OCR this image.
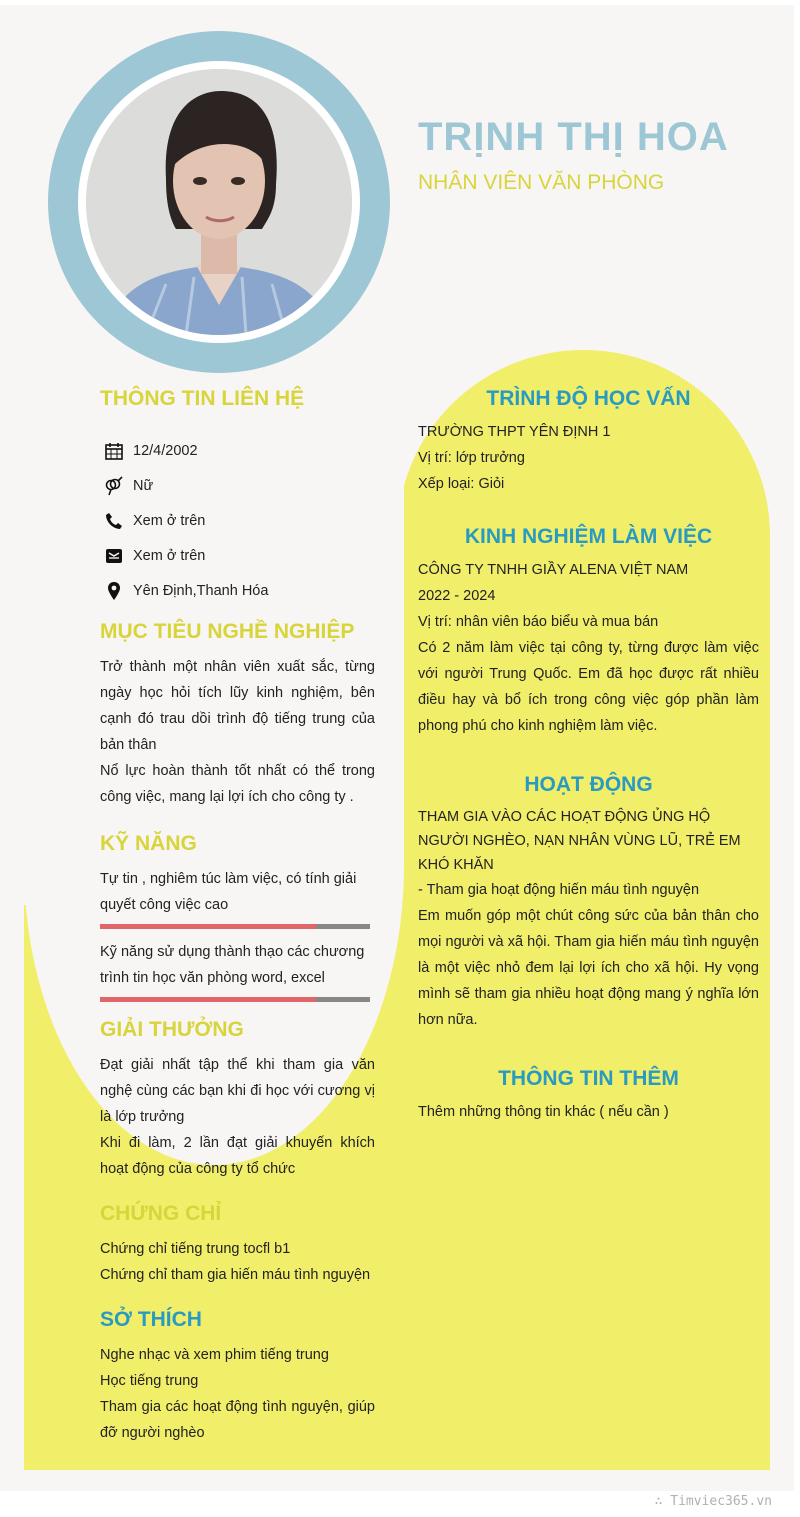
TRỊNH THỊ HOA
NHÂN VIÊN VĂN PHÒNG
THÔNG TIN LIÊN HỆ
12/4/2002
Nữ
Xem ở trên
Xem ở trên
Yên Định,Thanh Hóa
MỤC TIÊU NGHỀ NGHIỆP

Trở thành một nhân viên xuất sắc, từng ngày học hỏi tích lũy kinh nghiệm, bên cạnh đó trau dồi trình độ tiếng trung của bản thân

Nổ lực hoàn thành tốt nhất có thể trong công việc, mang lại lợi ích cho công ty .

KỸ NĂNG

Tự tin , nghiêm túc làm việc, có tính giải quyết công việc cao

Kỹ năng sử dụng thành thạo các chương trình tin học văn phòng word, excel

GIẢI THƯỞNG

Đạt giải nhất tập thể khi tham gia văn nghệ cùng các bạn khi đi học với cương vị là lớp trưởng

Khi đi làm, 2 lần đạt giải khuyến khích hoạt động của công ty tổ chức

CHỨNG CHỈ

Chứng chỉ tiếng trung tocfl b1

Chứng chỉ tham gia hiến máu tình nguyện

SỞ THÍCH

Nghe nhạc và xem phim tiếng trung

Học tiếng trung

Tham gia các hoạt động tình nguyện, giúp đỡ người nghèo

TRÌNH ĐỘ HỌC VẤN

TRƯỜNG THPT YÊN ĐỊNH 1

Vị trí: lớp trưởng

Xếp loại: Giỏi

KINH NGHIỆM LÀM VIỆC

CÔNG TY TNHH GIẦY ALENA VIỆT NAM

2022 - 2024

Vị trí: nhân viên báo biểu và mua bán

Có 2 năm làm việc tại công ty, từng được làm việc với người Trung Quốc. Em đã học được rất nhiều điều hay và bổ ích trong công việc góp phần làm phong phú cho kinh nghiệm làm việc.

HOẠT ĐỘNG

THAM GIA VÀO CÁC HOẠT ĐỘNG ỦNG HỘ NGƯỜI NGHÈO, NẠN NHÂN VÙNG LŨ, TRẺ EM KHÓ KHĂN

- Tham gia hoạt động hiến máu tình nguyện

Em muốn góp một chút công sức của bản thân cho mọi người và xã hội. Tham gia hiến máu tình nguyện là một việc nhỏ đem lại lợi ích cho xã hội. Hy vọng mình sẽ tham gia nhiều hoạt động mang ý nghĩa lớn hơn nữa.

THÔNG TIN THÊM

Thêm những thông tin khác ( nếu cần )

∴ Timviec365.vn
